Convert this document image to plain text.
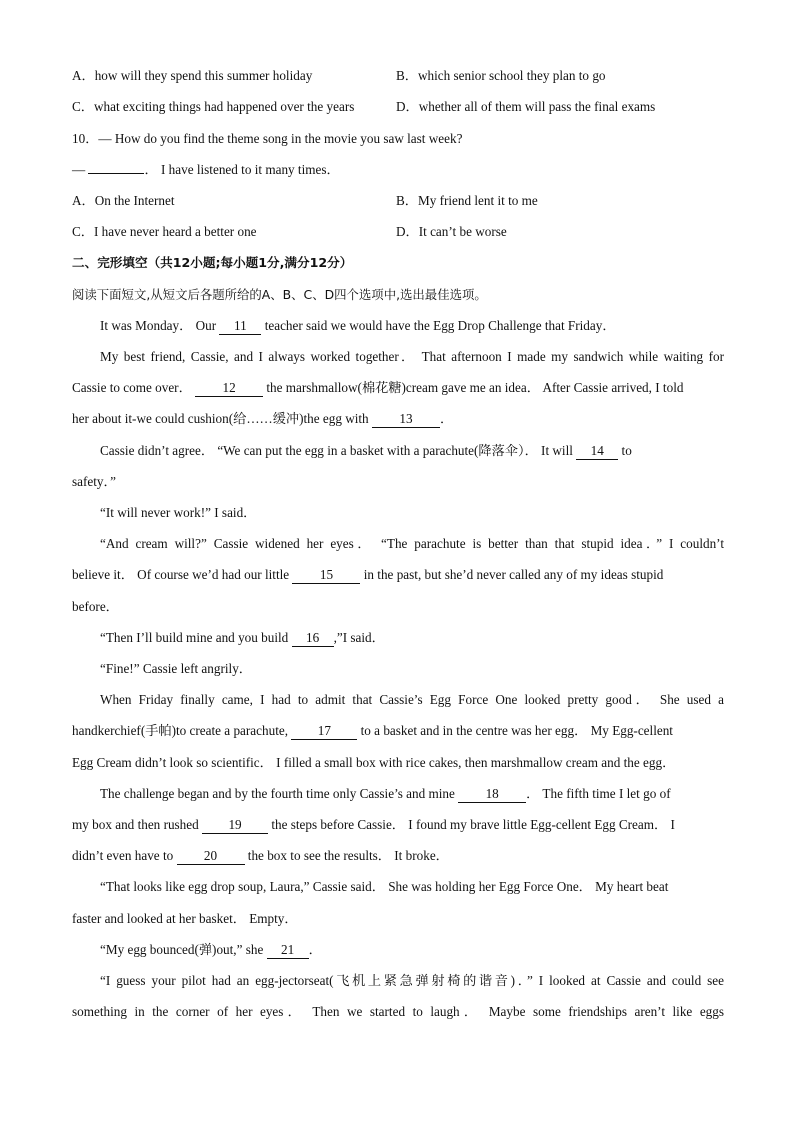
A．how will they spend this summer holiday	B．which senior school they plan to go
C．what exciting things had happened over the years	D．whether all of them will pass the final exams
10．— How do you find the theme song in the movie you saw last week?
—	． I have listened to it many times．
A．On the Internet	B．My friend lent it to me
C．I have never heard a better one	D．It can’t be worse
二、完形填空（共12小题;每小题1分,满分12分）
阅读下面短文,从短文后各题所给的A、B、C、D四个选项中,选出最佳选项。
It was Monday． Our 11 teacher said we would have the Egg Drop Challenge that Friday．
My best friend, Cassie, and I always worked together． That afternoon I made my sandwich while waiting for
Cassie to come over． 12 the marshmallow(棉花糖)cream gave me an idea． After Cassie arrived, I told
her about it-we could cushion(给……缓冲)the egg with 13 ．
Cassie didn’t agree． “We can put the egg in a basket with a parachute(降落伞）． It will 14 to
safety．”
“It will never work!” I said．
“And cream will?” Cassie widened her eyes． “The parachute is better than that stupid idea．” I couldn’t
believe it． Of course we’d had our little 15 in the past, but she’d never called any of my ideas stupid
before．
“Then I’ll build mine and you build 16 ,”I said．
“Fine!” Cassie left angrily．
When Friday finally came, I had to admit that Cassie’s Egg Force One looked pretty good． She used a
handkerchief(手帕)to create a parachute, 17 to a basket and in the centre was her egg． My Egg-cellent
Egg Cream didn’t look so scientific． I filled a small box with rice cakes, then marshmallow cream and the egg．
The challenge began and by the fourth time only Cassie’s and mine 18 ． The fifth time I let go of
my box and then rushed 19 the steps before Cassie． I found my brave little Egg-cellent Egg Cream． I
didn’t even have to 20 the box to see the results． It broke．
“That looks like egg drop soup, Laura,” Cassie said． She was holding her Egg Force One． My heart beat
faster and looked at her basket． Empty．
“My egg bounced(弹)out,” she 21 ．
“I guess your pilot had an egg-jectorseat(飞机上紧急弹射椅的谐音)．” I looked at Cassie and could see
something in the corner of her eyes． Then we started to laugh． Maybe some friendships aren’t like eggs
